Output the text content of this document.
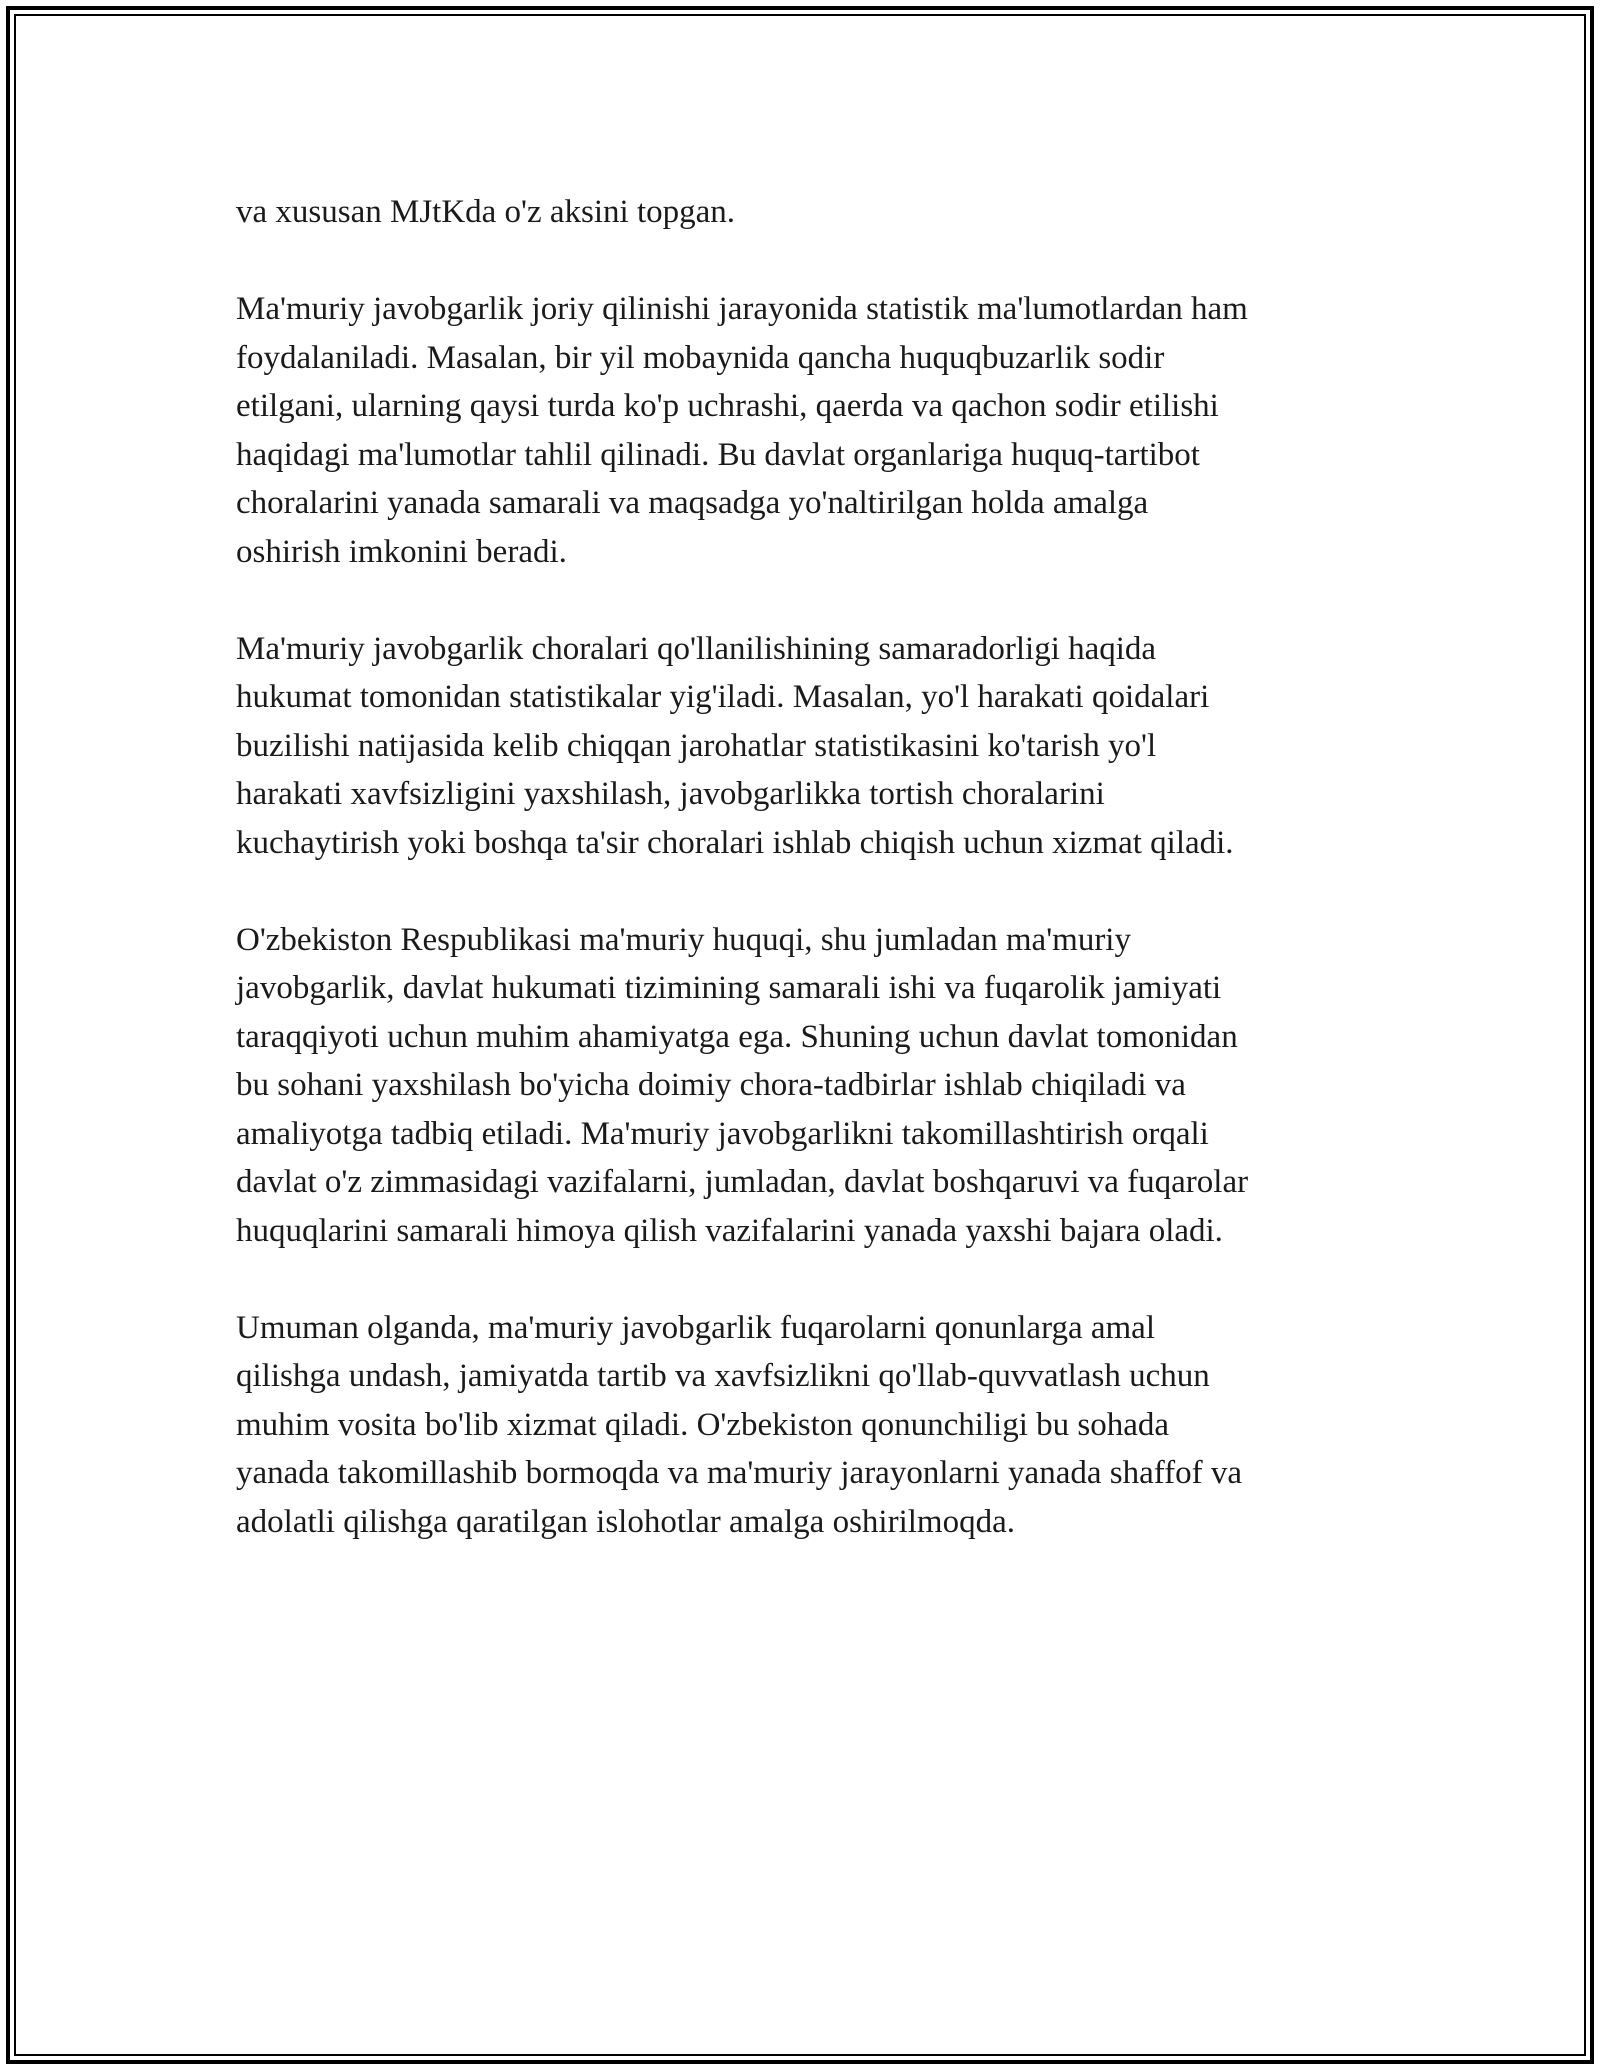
va xususan MJtKda o'z aksini topgan.
Ma'muriy javobgarlik joriy qilinishi jarayonida statistik ma'lumotlardan ham
foydalaniladi. Masalan, bir yil mobaynida qancha huquqbuzarlik sodir
etilgani, ularning qaysi turda ko'p uchrashi, qaerda va qachon sodir etilishi
haqidagi ma'lumotlar tahlil qilinadi. Bu davlat organlariga huquq-tartibot
choralarini yanada samarali va maqsadga yo'naltirilgan holda amalga
oshirish imkonini beradi.
Ma'muriy javobgarlik choralari qo'llanilishining samaradorligi haqida
hukumat tomonidan statistikalar yig'iladi. Masalan, yo'l harakati qoidalari
buzilishi natijasida kelib chiqqan jarohatlar statistikasini ko'tarish yo'l
harakati xavfsizligini yaxshilash, javobgarlikka tortish choralarini
kuchaytirish yoki boshqa ta'sir choralari ishlab chiqish uchun xizmat qiladi.
O'zbekiston Respublikasi ma'muriy huquqi, shu jumladan ma'muriy
javobgarlik, davlat hukumati tizimining samarali ishi va fuqarolik jamiyati
taraqqiyoti uchun muhim ahamiyatga ega. Shuning uchun davlat tomonidan
bu sohani yaxshilash bo'yicha doimiy chora-tadbirlar ishlab chiqiladi va
amaliyotga tadbiq etiladi. Ma'muriy javobgarlikni takomillashtirish orqali
davlat o'z zimmasidagi vazifalarni, jumladan, davlat boshqaruvi va fuqarolar
huquqlarini samarali himoya qilish vazifalarini yanada yaxshi bajara oladi.
Umuman olganda, ma'muriy javobgarlik fuqarolarni qonunlarga amal
qilishga undash, jamiyatda tartib va xavfsizlikni qo'llab-quvvatlash uchun
muhim vosita bo'lib xizmat qiladi. O'zbekiston qonunchiligi bu sohada
yanada takomillashib bormoqda va ma'muriy jarayonlarni yanada shaffof va
adolatli qilishga qaratilgan islohotlar amalga oshirilmoqda.
